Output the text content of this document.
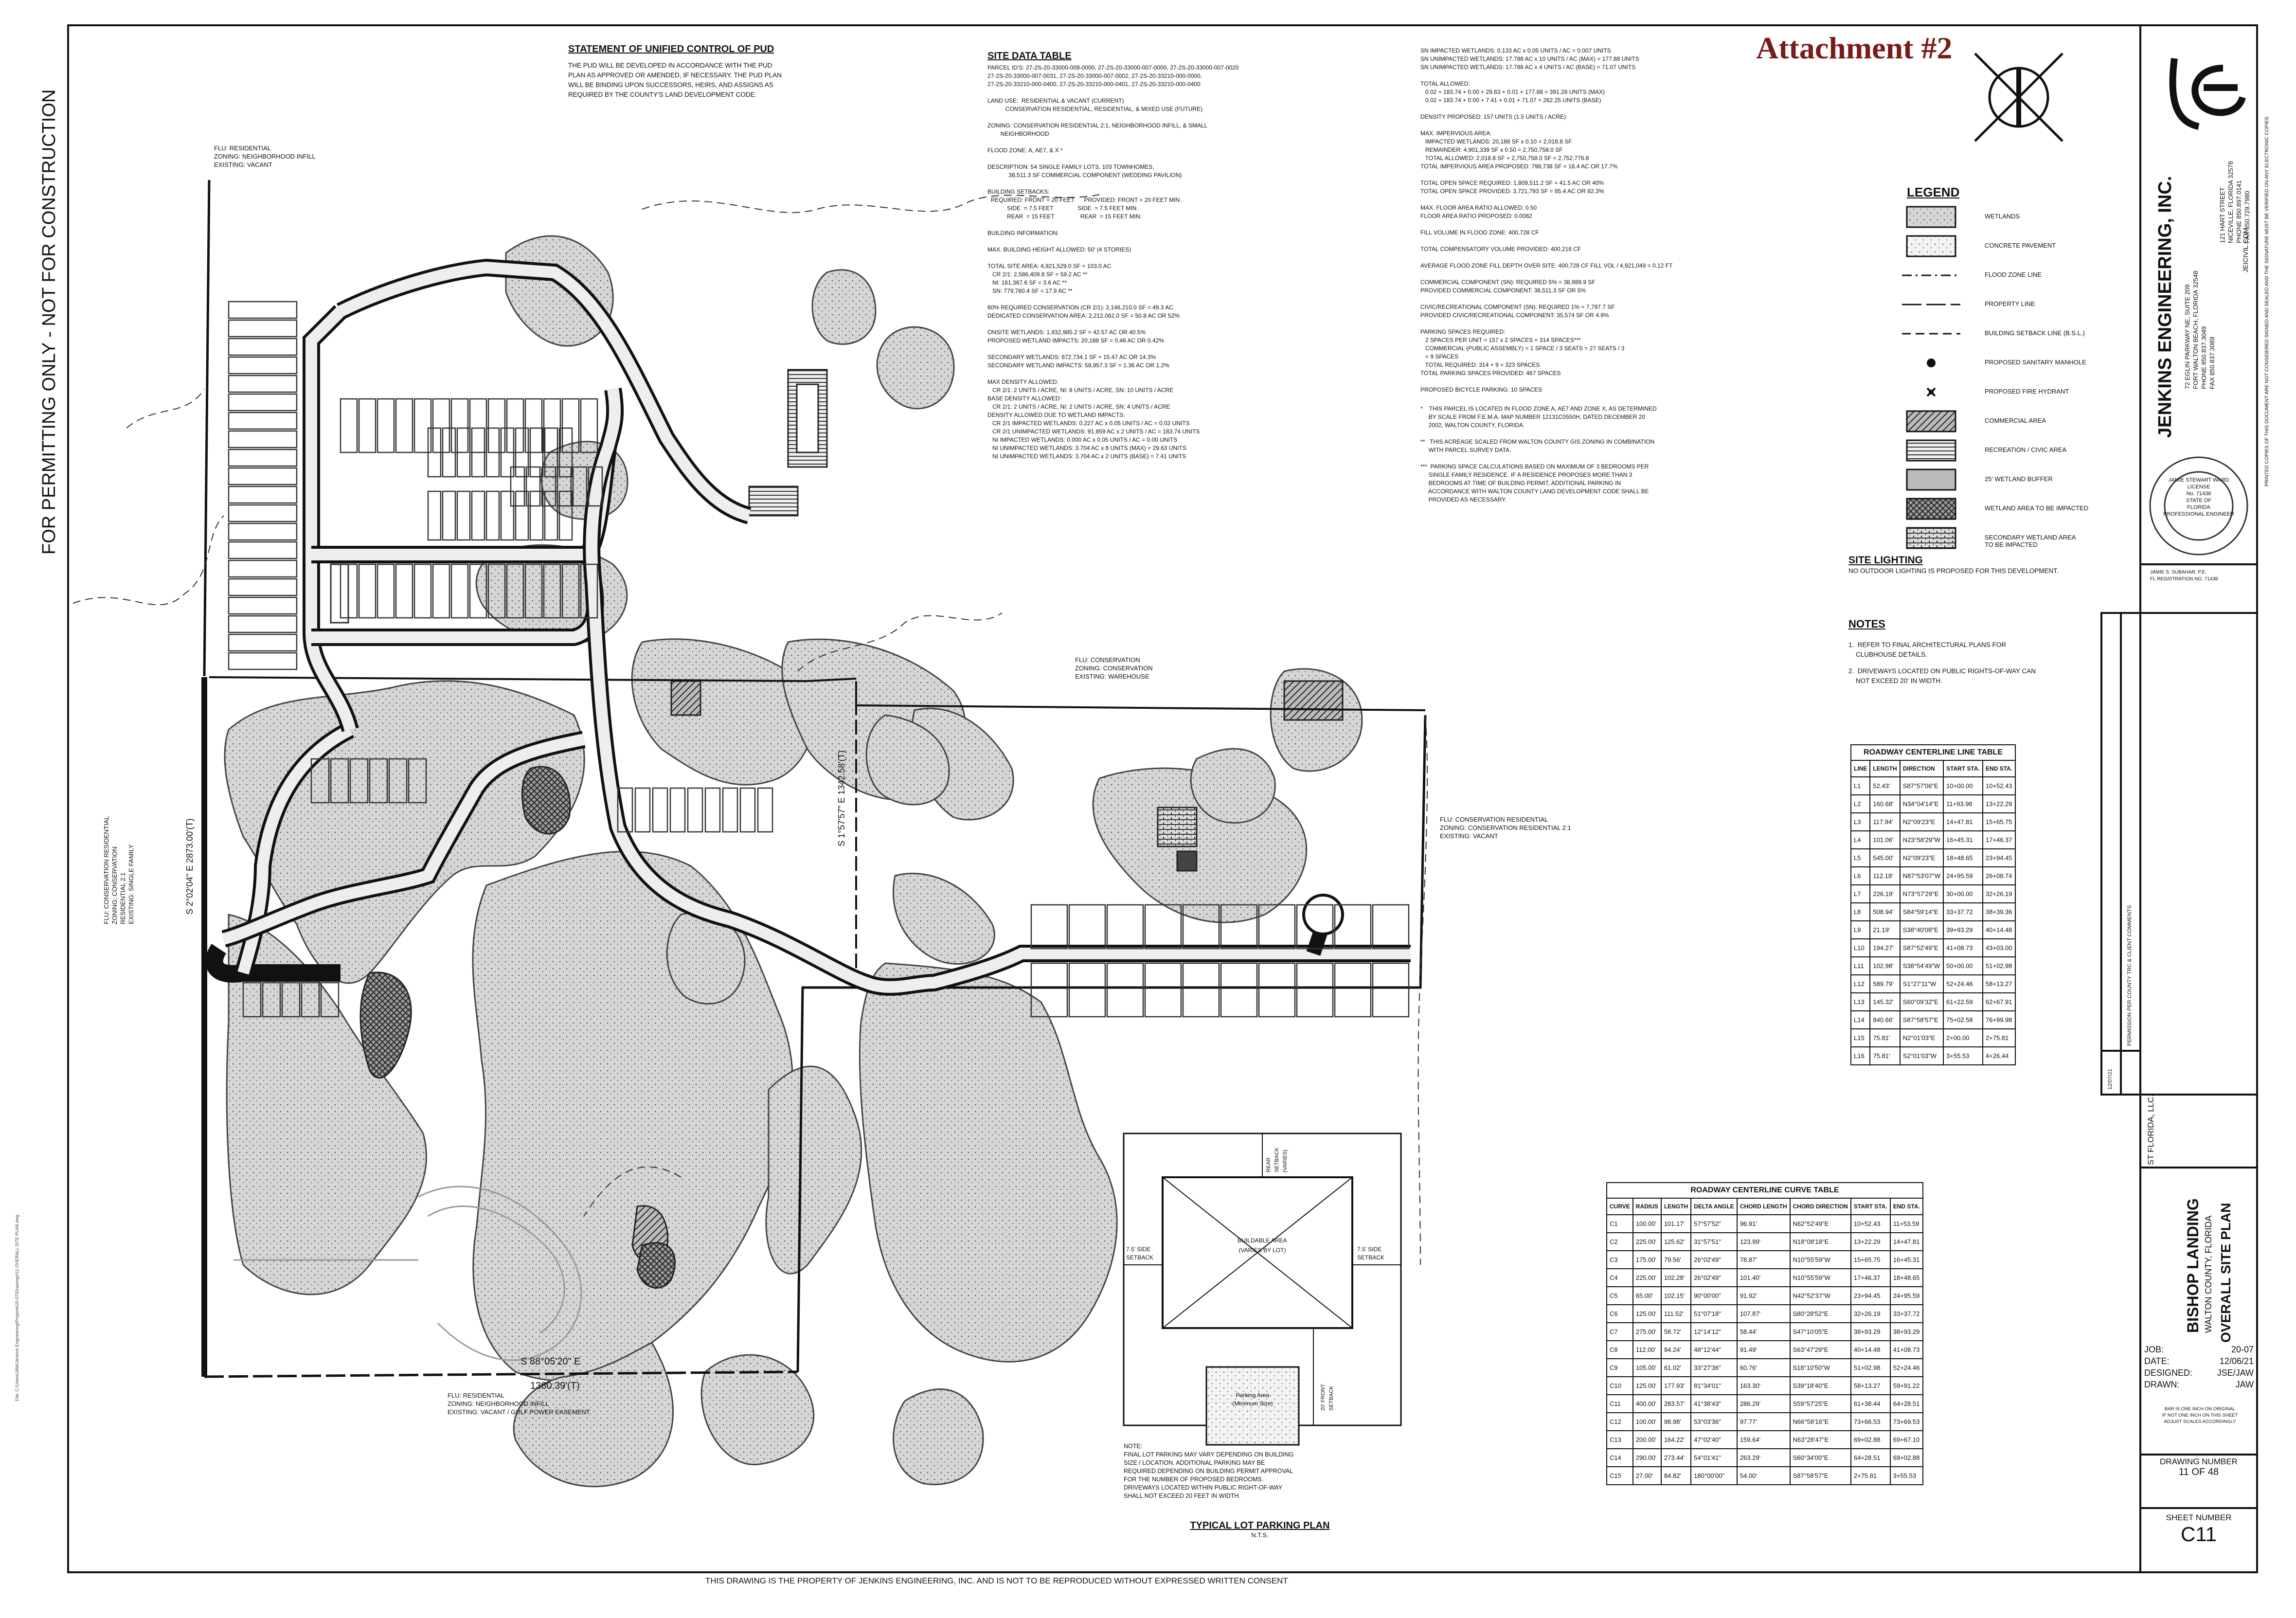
FOR PERMITTING ONLY - NOT FOR CONSTRUCTION
Attachment #2
STATEMENT OF UNIFIED CONTROL OF PUD
THE PUD WILL BE DEVELOPED IN ACCORDANCE WITH THE PUD
PLAN AS APPROVED OR AMENDED, IF NECESSARY. THE PUD PLAN
WILL BE BINDING UPON SUCCESSORS, HEIRS, AND ASSIGNS AS
REQUIRED BY THE COUNTY'S LAND DEVELOPMENT CODE.
SITE DATA TABLE
PARCEL ID'S: 27-2S-20-33000-009-0000, 27-2S-20-33000-007-0000, 27-2S-20-33000-007-0020
27-2S-20-33000-007-0031, 27-2S-20-33000-007-0002, 27-2S-20-33210-000-0000,
27-2S-20-33210-000-0400, 27-2S-20-33210-000-0401, 27-2S-20-33210-000-0400

LAND USE:  RESIDENTIAL & VACANT (CURRENT)
CONSERVATION RESIDENTIAL, RESIDENTIAL, & MIXED USE (FUTURE)

ZONING: CONSERVATION RESIDENTIAL 2:1, NEIGHBORHOOD INFILL, & SMALL
NEIGHBORHOOD

FLOOD ZONE: A, AE7, & X *

DESCRIPTION: 54 SINGLE FAMILY LOTS, 103 TOWNHOMES,
38,511.3 SF COMMERCIAL COMPONENT (WEDDING PAVILION)

BUILDING SETBACKS:
REQUIRED: FRONT = 20 FEET      PROVIDED: FRONT = 20 FEET MIN.
SIDE  = 7.5 FEET               SIDE  = 7.5 FEET MIN.
REAR  = 15 FEET                REAR  = 15 FEET MIN.

BUILDING INFORMATION:

MAX. BUILDING HEIGHT ALLOWED: 50' (4 STORIES)

TOTAL SITE AREA: 4,921,529.0 SF = 103.0 AC
CR 2/1: 2,586,409.8 SF = 59.2 AC **
NI: 161,367.6 SF = 3.6 AC **
SN: 779,760.4 SF = 17.9 AC **

60% REQUIRED CONSERVATION (CR 2/1): 2,146,210.0 SF = 49.3 AC
DEDICATED CONSERVATION AREA: 2,212,062.0 SF = 50.8 AC OR 52%

ONSITE WETLANDS: 1,932,985.2 SF = 42.57 AC OR 40.5%
PROPOSED WETLAND IMPACTS: 20,188 SF = 0.46 AC OR 0.42%

SECONDARY WETLANDS: 672,734.1 SF = 15.47 AC OR 14.3%
SECONDARY WETLAND IMPACTS: 58,957.3 SF = 1.36 AC OR 1.2%

MAX DENSITY ALLOWED:
CR 2/1: 2 UNITS / ACRE, NI: 8 UNITS / ACRE, SN: 10 UNITS / ACRE
BASE DENSITY ALLOWED:
CR 2/1: 2 UNITS / ACRE, NI: 2 UNITS / ACRE, SN: 4 UNITS / ACRE
DENSITY ALLOWED DUE TO WETLAND IMPACTS:
CR 2/1 IMPACTED WETLANDS: 0.227 AC x 0.05 UNITS / AC = 0.02 UNITS
CR 2/1 UNIMPACTED WETLANDS: 91.859 AC x 2 UNITS / AC = 183.74 UNITS
NI IMPACTED WETLANDS: 0.000 AC x 0.05 UNITS / AC = 0.00 UNITS
NI UNIMPACTED WETLANDS: 3.704 AC x 8 UNITS (MAX) = 29.63 UNITS
NI UNIMPACTED WETLANDS: 3.704 AC x 2 UNITS (BASE) = 7.41 UNITS
SN IMPACTED WETLANDS: 0.133 AC x 0.05 UNITS / AC = 0.007 UNITS
SN UNIMPACTED WETLANDS: 17.788 AC x 10 UNITS / AC (MAX) = 177.88 UNITS
SN UNIMPACTED WETLANDS: 17.788 AC x 4 UNITS / AC (BASE) = 71.07 UNITS

TOTAL ALLOWED:
0.02 + 183.74 + 0.00 + 29.63 + 0.01 + 177.88 = 391.28 UNITS (MAX)
0.02 + 183.74 + 0.00 + 7.41 + 0.01 + 71.07 = 262.25 UNITS (BASE)

DENSITY PROPOSED: 157 UNITS (1.5 UNITS / ACRE)

MAX. IMPERVIOUS AREA:
IMPACTED WETLANDS: 20,188 SF x 0.10 = 2,018.8 SF
REMAINDER: 4,901,339 SF x 0.50 = 2,750,758.0 SF
TOTAL ALLOWED: 2,018.8 SF + 2,750,758.0 SF = 2,752,776.8
TOTAL IMPERVIOUS AREA PROPOSED: 798,738 SF = 18.4 AC OR 17.7%

TOTAL OPEN SPACE REQUIRED: 1,809,511.2 SF = 41.5 AC OR 40%
TOTAL OPEN SPACE PROVIDED: 3,721,793 SF = 85.4 AC OR 82.3%

MAX. FLOOR AREA RATIO ALLOWED: 0.50
FLOOR AREA RATIO PROPOSED: 0.0082

FILL VOLUME IN FLOOD ZONE: 400,728 CF

TOTAL COMPENSATORY VOLUME PROVIDED: 400,216 CF

AVERAGE FLOOD ZONE FILL DEPTH OVER SITE: 400,728 CF FILL VOL / 4,921,049 = 0.12 FT

COMMERCIAL COMPONENT (SN): REQUIRED 5% = 38,989.9 SF
PROVIDED COMMERCIAL COMPONENT: 38,511.3 SF OR 5%

CIVIC/RECREATIONAL COMPONENT (SN): REQUIRED 1% = 7,797.7 SF
PROVIDED CIVIC/RECREATIONAL COMPONENT: 35,574 SF OR 4.9%

PARKING SPACES REQUIRED:
2 SPACES PER UNIT = 157 x 2 SPACES = 314 SPACES***
COMMERCIAL (PUBLIC ASSEMBLY) = 1 SPACE / 3 SEATS = 27 SEATS / 3
= 9 SPACES
TOTAL REQUIRED: 314 + 9 = 323 SPACES
TOTAL PARKING SPACES PROVIDED: 467 SPACES

PROPOSED BICYCLE PARKING: 10 SPACES
*    THIS PARCEL IS LOCATED IN FLOOD ZONE A, AE7 AND ZONE X, AS DETERMINED
BY SCALE FROM F.E.M.A. MAP NUMBER 12131C0550H, DATED DECEMBER 20
2002, WALTON COUNTY, FLORIDA.

**   THIS ACREAGE SCALED FROM WALTON COUNTY GIS ZONING IN COMBINATION
WITH PARCEL SURVEY DATA.

***  PARKING SPACE CALCULATIONS BASED ON MAXIMUM OF 3 BEDROOMS PER
SINGLE FAMILY RESIDENCE. IF A RESIDENCE PROPOSES MORE THAN 3
BEDROOMS AT TIME OF BUILDING PERMIT, ADDITIONAL PARKING IN
ACCORDANCE WITH WALTON COUNTY LAND DEVELOPMENT CODE SHALL BE
PROVIDED AS NECESSARY.
LEGEND
WETLANDS
CONCRETE PAVEMENT
FLOOD ZONE LINE
PROPERTY LINE
BUILDING SETBACK LINE (B.S.L.)
PROPOSED SANITARY MANHOLE
PROPOSED FIRE HYDRANT
COMMERCIAL AREA
RECREATION / CIVIC AREA
25' WETLAND BUFFER
WETLAND AREA TO BE IMPACTED
SECONDARY WETLAND AREA
TO BE IMPACTED
SITE LIGHTING
NO OUTDOOR LIGHTING IS PROPOSED FOR THIS DEVELOPMENT.
NOTES
1.  REFER TO FINAL ARCHITECTURAL PLANS FOR
CLUBHOUSE DETAILS.
2.  DRIVEWAYS LOCATED ON PUBLIC RIGHTS-OF-WAY CAN
NOT EXCEED 20' IN WIDTH.
ROADWAY CENTERLINE LINE TABLE
LINE	LENGTH	DIRECTION	START STA.	END STA.
L1	52.43'	S87°57'06"E	10+00.00	10+52.43
L2	160.68'	N34°04'14"E	11+93.98	13+22.29
L3	117.94'	N2°09'23"E	14+47.81	15+65.75
L4	101.06'	N23°58'29"W	16+45.31	17+46.37
L5	545.00'	N2°09'23"E	18+48.65	23+94.45
L6	112.18'	N87°53'07"W	24+95.59	26+08.74
L7	226.19'	N73°57'29"E	30+00.00	32+26.19
L8	508.94'	S84°59'14"E	33+37.72	38+39.36
L9	21.19'	S38°40'08"E	39+93.29	40+14.48
L10	194.27'	S87°52'49"E	41+08.73	43+03.00
L11	102.98'	S38°54'49"W	50+00.00	51+02.98
L12	589.79'	S1°27'11"W	52+24.46	58+13.27
L13	145.32'	S60°09'32"E	61+22.59	62+67.91
L14	840.66'	S87°58'57"E	75+02.58	76+99.98
L15	75.81'	N2°01'03"E	2+00.00	2+75.81
L16	75.81'	S2°01'03"W	3+55.53	4+26.44
ROADWAY CENTERLINE CURVE TABLE
CURVE	RADIUS	LENGTH	DELTA ANGLE	CHORD LENGTH	CHORD DIRECTION	START STA.	END STA.
C1	100.00'	101.17'	57°57'52"	96.91'	N62°52'49"E	10+52.43	11+53.59
C2	225.00'	125.62'	31°57'51"	123.99'	N18°08'18"E	13+22.29	14+47.81
C3	175.00'	79.56'	26°02'49"	78.87'	N10°55'59"W	15+65.75	16+45.31
C4	225.00'	102.28'	26°02'49"	101.40'	N10°55'59"W	17+46.37	18+48.65
C5	65.00'	102.15'	90°00'00"	91.92'	N42°52'37"W	23+94.45	24+95.59
C6	125.00'	111.52'	51°07'18"	107.87'	S80°28'52"E	32+26.19	33+37.72
C7	275.00'	58.72'	12°14'12"	58.44'	S47°10'05"E	38+93.29	38+93.29
C8	112.00'	94.24'	48°12'44"	91.49'	S63°47'29"E	40+14.48	41+08.73
C9	105.00'	61.02'	33°27'36"	60.76'	S18°10'50"W	51+02.98	52+24.46
C10	125.00'	177.93'	81°34'01"	163.30'	S39°18'40"E	58+13.27	59+91.22
C11	400.00'	283.57'	41°38'43"	286.29'	S59°57'25"E	61+38.44	64+28.51
C12	100.00'	98.98'	53°03'36"	97.77'	N66°58'16"E	73+66.53	73+69.53
C13	200.00'	164.22'	47°02'40"	159.64'	N63°28'47"E	69+02.88	69+67.10
C14	290.00'	273.44'	54°01'41"	263.29'	S60°34'00"E	64+28.51	69+02.88
C15	27.00'	84.82'	180°00'00"	54.00'	S87°58'57"E	2+75.81	3+55.53
BUILDABLE AREA
(VARIES BY LOT)
REAR
SETBACK
(VARIES)
7.5' SIDE
SETBACK
7.5' SIDE
SETBACK
20' FRONT
SETBACK
Parking Area
(Minimum Size)
NOTE:
FINAL LOT PARKING MAY VARY DEPENDING ON BUILDING
SIZE / LOCATION. ADDITIONAL PARKING MAY BE
REQUIRED DEPENDING ON BUILDING PERMIT APPROVAL
FOR THE NUMBER OF PROPOSED BEDROOMS.
DRIVEWAYS LOCATED WITHIN PUBLIC RIGHT-OF-WAY
SHALL NOT EXCEED 20 FEET IN WIDTH.
TYPICAL LOT PARKING PLAN
N.T.S.
FLU: RESIDENTIAL
ZONING: NEIGHBORHOOD INFILL
EXISTING: VACANT
FLU: CONSERVATION
ZONING: CONSERVATION
EXISTING: WAREHOUSE
FLU: CONSERVATION RESIDENTIAL
ZONING: CONSERVATION RESIDENTIAL 2:1
EXISTING: VACANT
FLU: RESIDENTIAL
ZONING: NEIGHBORHOOD INFILL
EXISTING: VACANT / GULF POWER EASEMENT
FLU: CONSERVATION RESIDENTIAL
ZONING: CONSERVATION
RESIDENTIAL 2:1
EXISTING: SINGLE FAMILY	S 2°02'04" E 2873.00'(T)
S 1°57'57" E 1342.58'(T)
S 88°05'20" E
1380.39'(T)
JENKINS ENGINEERING, INC. 72 EGLIN PARKWAY NE, SUITE 209
FORT WALTON BEACH, FLORIDA 32548
PHONE 850.837.3049
FAX 850.837.3089
121 HART STREET
NICEVILLE, FLORIDA 32578
PHONE 850.897.0141
FAX 850.729.7980
JEICIVIL.COM
JAMIE STEWART WARD
LICENSE
No. 71438
STATE OF
FLORIDA
PROFESSIONAL ENGINEER
JAMIE S. SUBAHAR, P.E.
FL REGISTRATION NO. 71438
PRINTED COPIES OF THIS DOCUMENT ARE NOT CONSIDERED SIGNED AND SEALED AND THE SIGNATURE MUST BE VERIFIED ON ANY ELECTRONIC COPIES.
PERMISSION PER COUNTY TRC & CLIENT COMMENTS
12/07/21
ST FLORIDA, LLC.
BISHOP LANDING WALTON COUNTY, FLORIDA OVERALL SITE PLAN
JOB:	20-07
DATE:	12/06/21
DESIGNED:	JSE/JAW
DRAWN:	JAW
BAR IS ONE INCH ON ORIGINAL
IF NOT ONE INCH ON THIS SHEET
ADJUST SCALES ACCORDINGLY
DRAWING NUMBER
11 OF 48
SHEET NUMBER
C11
THIS DRAWING IS THE PROPERTY OF JENKINS ENGINEERING, INC. AND IS NOT TO BE REPRODUCED WITHOUT EXPRESSED WRITTEN CONSENT
File: C:\Users\JAW\Jenkins Engineering\Projects\20-07\Drawings\11 OVERALL SITE PLAN.dwg
